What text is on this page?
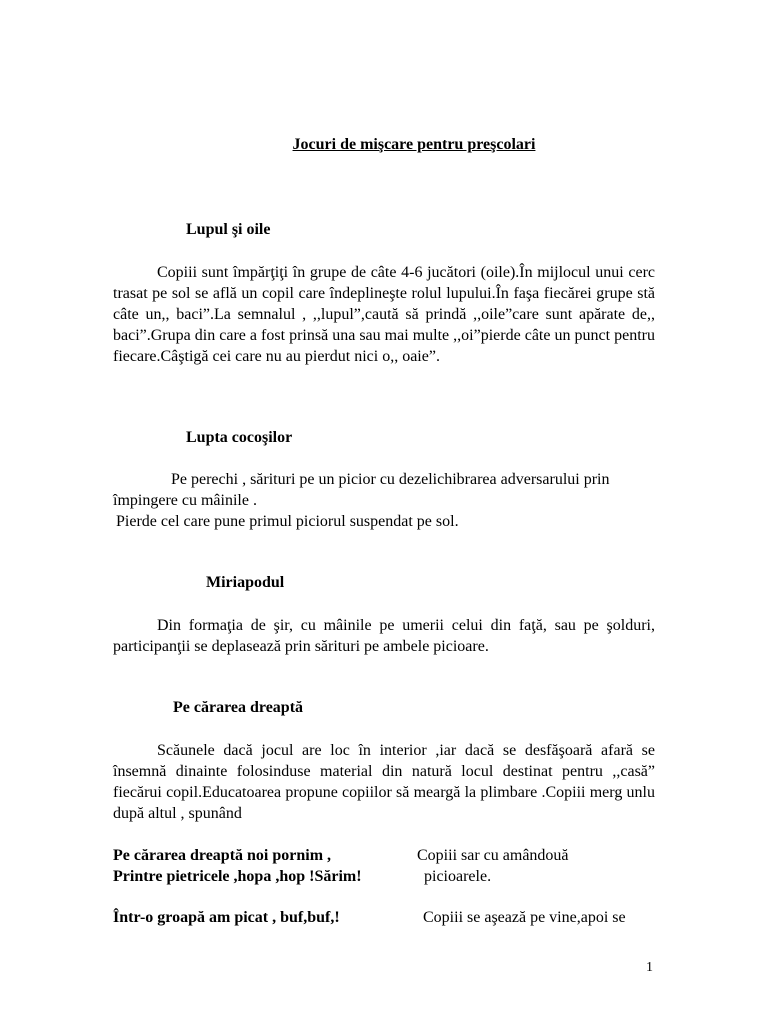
Jocuri de mişcare pentru preşcolari
Lupul şi oile

Copiii sunt împărţiţi în grupe de câte 4-6 jucători (oile).În mijlocul unui cerc trasat pe sol se află un copil care îndeplineşte rolul lupului.În faşa fiecărei grupe stă câte un,, baci”.La semnalul , ,,lupul”,caută să prindă ,,oile”care sunt apărate de,, baci”.Grupa din care a fost prinsă una sau mai multe ,,oi”pierde câte un punct pentru fiecare.Câştigă cei care nu au pierdut nici o,, oaie”.

Lupta cocoşilor
Pe perechi , sărituri pe un picior cu dezelichibrarea adversarului prin
împingere cu mâinile .
Pierde cel care pune primul piciorul suspendat pe sol.
Miriapodul

Din formaţia de şir, cu mâinile pe umerii celui din faţă, sau pe şolduri, participanţii se deplasează prin sărituri pe ambele picioare.

Pe cărarea dreaptă

Scăunele dacă jocul are loc în interior ,iar dacă se desfăşoară afară se însemnă dinainte folosinduse material din natură locul destinat pentru ,,casă” fiecărui copil.Educatoarea propune copiilor să meargă la plimbare .Copiii merg unlu după altul , spunând

Pe cărarea dreaptă noi pornim ,	Copiii sar cu amândouă
Printre pietricele ,hopa ,hop !Sărim!	picioarele.
Într-o groapă am picat , buf,buf,!	Copiii se aşează pe vine,apoi se
1
